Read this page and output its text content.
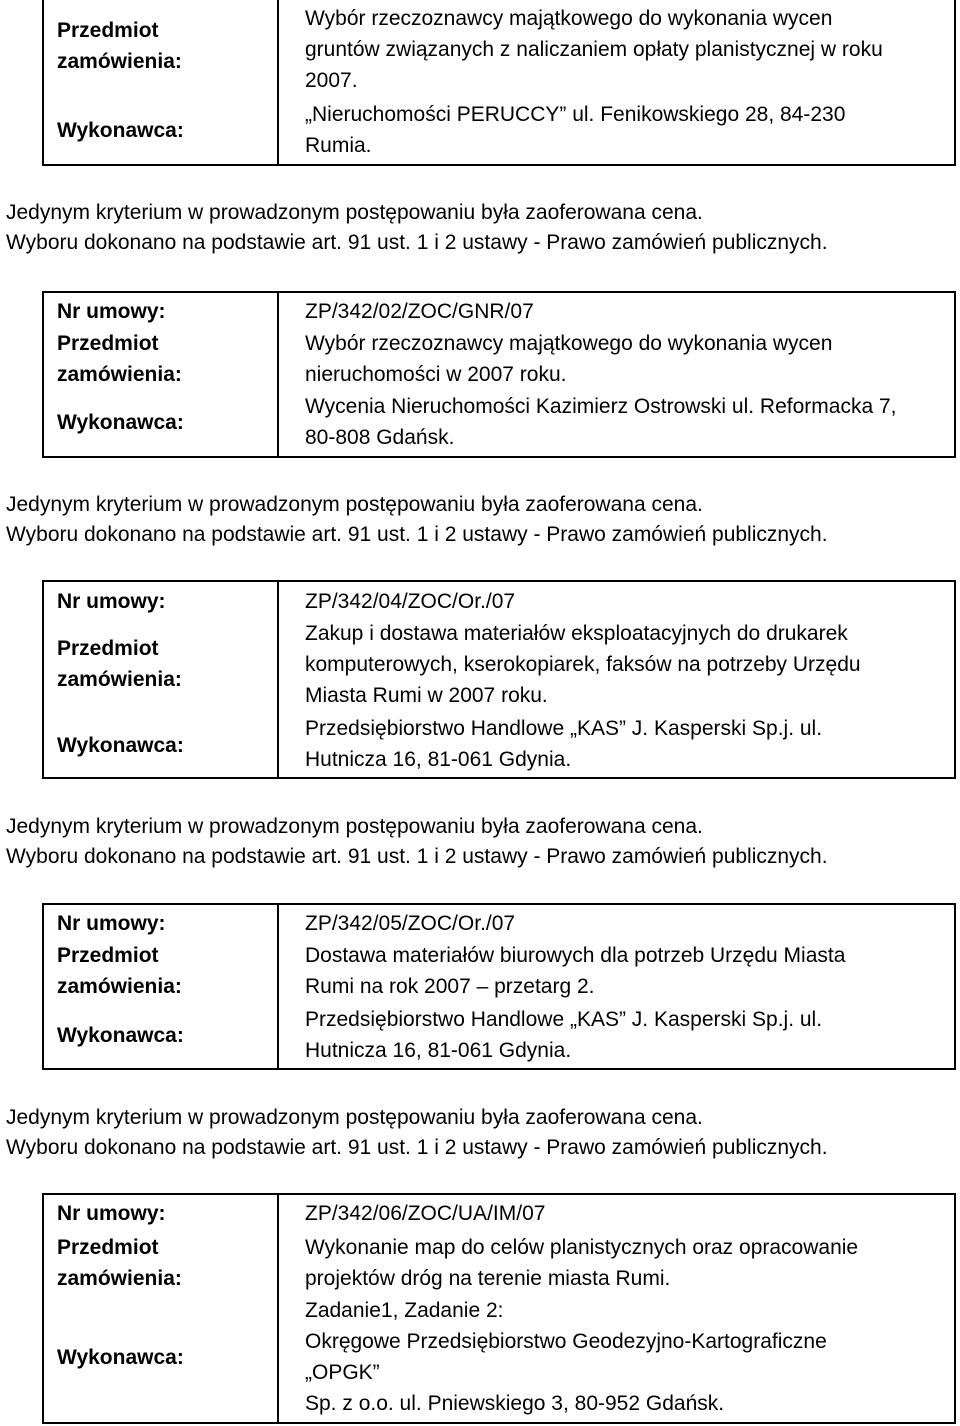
Przedmiot
zamówienia:
Wykonawca:
Wybór rzeczoznawcy majątkowego do wykonania wycen
gruntów związanych z naliczaniem opłaty planistycznej w roku
2007.
„Nieruchomości PERUCCY” ul. Fenikowskiego 28, 84-230
Rumia.
Jedynym kryterium w prowadzonym postępowaniu była zaoferowana cena.
Wyboru dokonano na podstawie art. 91 ust. 1 i 2 ustawy - Prawo zamówień publicznych.
Nr umowy:
Przedmiot
zamówienia:
Wykonawca:
ZP/342/02/ZOC/GNR/07
Wybór rzeczoznawcy majątkowego do wykonania wycen
nieruchomości w 2007 roku.
Wycenia Nieruchomości Kazimierz Ostrowski ul. Reformacka 7,
80-808 Gdańsk.
Jedynym kryterium w prowadzonym postępowaniu była zaoferowana cena.
Wyboru dokonano na podstawie art. 91 ust. 1 i 2 ustawy - Prawo zamówień publicznych.
Nr umowy:
Przedmiot
zamówienia:
Wykonawca:
ZP/342/04/ZOC/Or./07
Zakup i dostawa materiałów eksploatacyjnych do drukarek
komputerowych, kserokopiarek, faksów na potrzeby Urzędu
Miasta Rumi w 2007 roku.
Przedsiębiorstwo Handlowe „KAS” J. Kasperski Sp.j. ul.
Hutnicza 16, 81-061 Gdynia.
Jedynym kryterium w prowadzonym postępowaniu była zaoferowana cena.
Wyboru dokonano na podstawie art. 91 ust. 1 i 2 ustawy - Prawo zamówień publicznych.
Nr umowy:
Przedmiot
zamówienia:
Wykonawca:
ZP/342/05/ZOC/Or./07
Dostawa materiałów biurowych dla potrzeb Urzędu Miasta
Rumi na rok 2007 – przetarg 2.
Przedsiębiorstwo Handlowe „KAS” J. Kasperski Sp.j. ul.
Hutnicza 16, 81-061 Gdynia.
Jedynym kryterium w prowadzonym postępowaniu była zaoferowana cena.
Wyboru dokonano na podstawie art. 91 ust. 1 i 2 ustawy - Prawo zamówień publicznych.
Nr umowy:
Przedmiot
zamówienia:
Wykonawca:
ZP/342/06/ZOC/UA/IM/07
Wykonanie map do celów planistycznych oraz opracowanie
projektów dróg na terenie miasta Rumi.
Zadanie1, Zadanie 2:
Okręgowe Przedsiębiorstwo Geodezyjno-Kartograficzne
„OPGK”
Sp. z o.o. ul. Pniewskiego 3, 80-952 Gdańsk.
